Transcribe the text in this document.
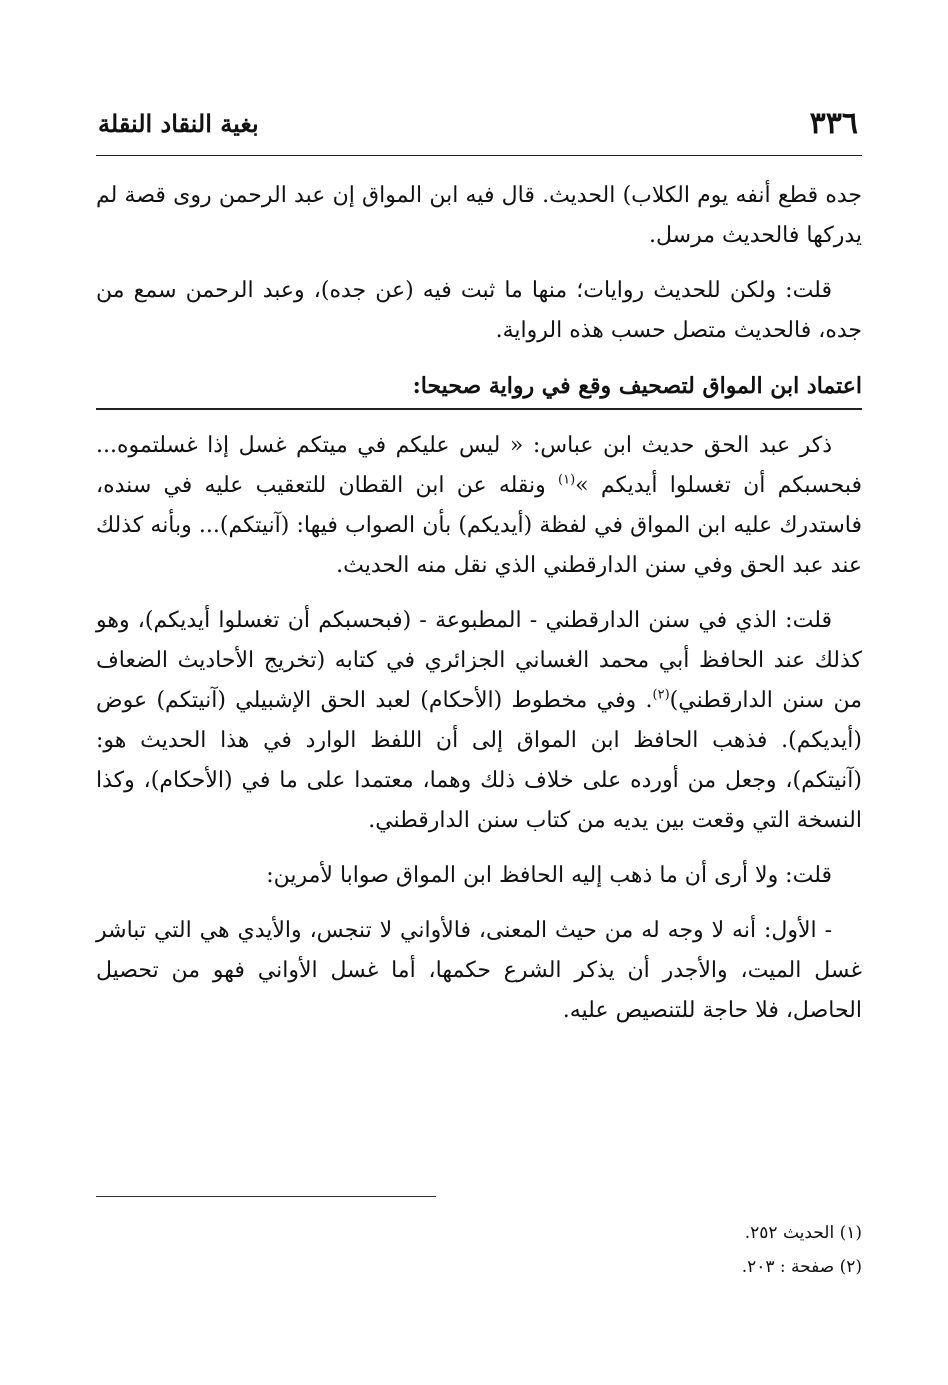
٣٣٦
بغية النقاد النقلة

جده قطع أنفه يوم الكلاب) الحديث. قال فيه ابن المواق إن عبد الرحمن روى قصة لم يدركها فالحديث مرسل.

قلت: ولكن للحديث روايات؛ منها ما ثبت فيه (عن جده)، وعبد الرحمن سمع من جده، فالحديث متصل حسب هذه الرواية.

اعتماد ابن المواق لتصحيف وقع في رواية صحيحا:

ذكر عبد الحق حديث ابن عباس: « ليس عليكم في ميتكم غسل إذا غسلتموه... فبحسبكم أن تغسلوا أيديكم »$^{(١)}$ ونقله عن ابن القطان للتعقيب عليه في سنده، فاستدرك عليه ابن المواق في لفظة (أيديكم) بأن الصواب فيها: (آنيتكم)... وبأنه كذلك عند عبد الحق وفي سنن الدارقطني الذي نقل منه الحديث.

قلت: الذي في سنن الدارقطني - المطبوعة - (فبحسبكم أن تغسلوا أيديكم)، وهو كذلك عند الحافظ أبي محمد الغساني الجزائري في كتابه (تخريج الأحاديث الضعاف من سنن الدارقطني)$^{(٢)}$. وفي مخطوط (الأحكام) لعبد الحق الإشبيلي (آنيتكم) عوض (أيديكم). فذهب الحافظ ابن المواق إلى أن اللفظ الوارد في هذا الحديث هو: (آنيتكم)، وجعل من أورده على خلاف ذلك وهما، معتمدا على ما في (الأحكام)، وكذا النسخة التي وقعت بين يديه من كتاب سنن الدارقطني.

قلت: ولا أرى أن ما ذهب إليه الحافظ ابن المواق صوابا لأمرين:

- الأول: أنه لا وجه له من حيث المعنى، فالأواني لا تنجس، والأيدي هي التي تباشر غسل الميت، والأجدر أن يذكر الشرع حكمها، أما غسل الأواني فهو من تحصيل الحاصل، فلا حاجة للتنصيص عليه.

(١) الحديث ٢٥٢.
(٢) صفحة : ٢٠٣.
